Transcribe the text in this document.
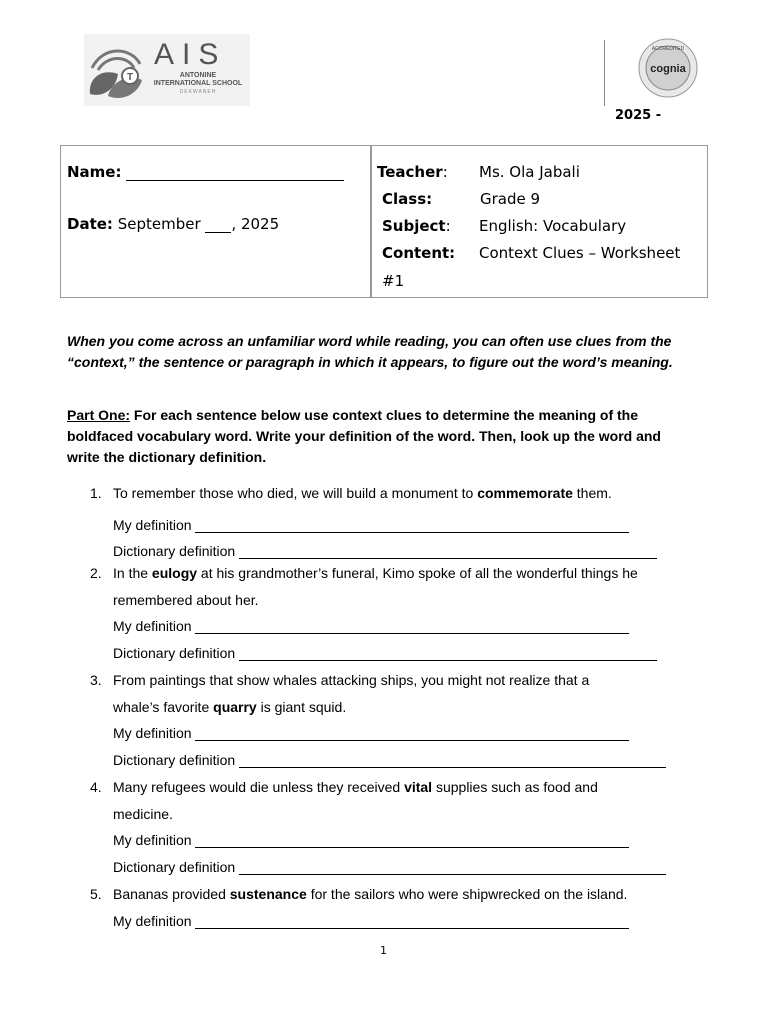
T
AIS
ANTONINE
INTERNATIONAL SCHOOL
DEKWANEH
ACCREDITED
cognia
2025 -
Name:
Date: September , 2025
Teacher: Ms. Ola Jabali
Class:	Grade 9
Subject: English: Vocabulary
Content: Context Clues – Worksheet
#1
When you come across an unfamiliar word while reading, you can often use clues from the “context,” the sentence or paragraph in which it appears, to figure out the word’s meaning.
Part One: For each sentence below use context clues to determine the meaning of the boldfaced vocabulary word. Write your definition of the word. Then, look up the word and write the dictionary definition.
1. To remember those who died, we will build a monument to commemorate them.
My definition
Dictionary definition
2. In the eulogy at his grandmother’s funeral, Kimo spoke of all the wonderful things he
remembered about her.
My definition
Dictionary definition
3. From paintings that show whales attacking ships, you might not realize that a
whale’s favorite quarry is giant squid.
My definition
Dictionary definition
4. Many refugees would die unless they received vital supplies such as food and
medicine.
My definition
Dictionary definition
5. Bananas provided sustenance for the sailors who were shipwrecked on the island.
My definition
1
